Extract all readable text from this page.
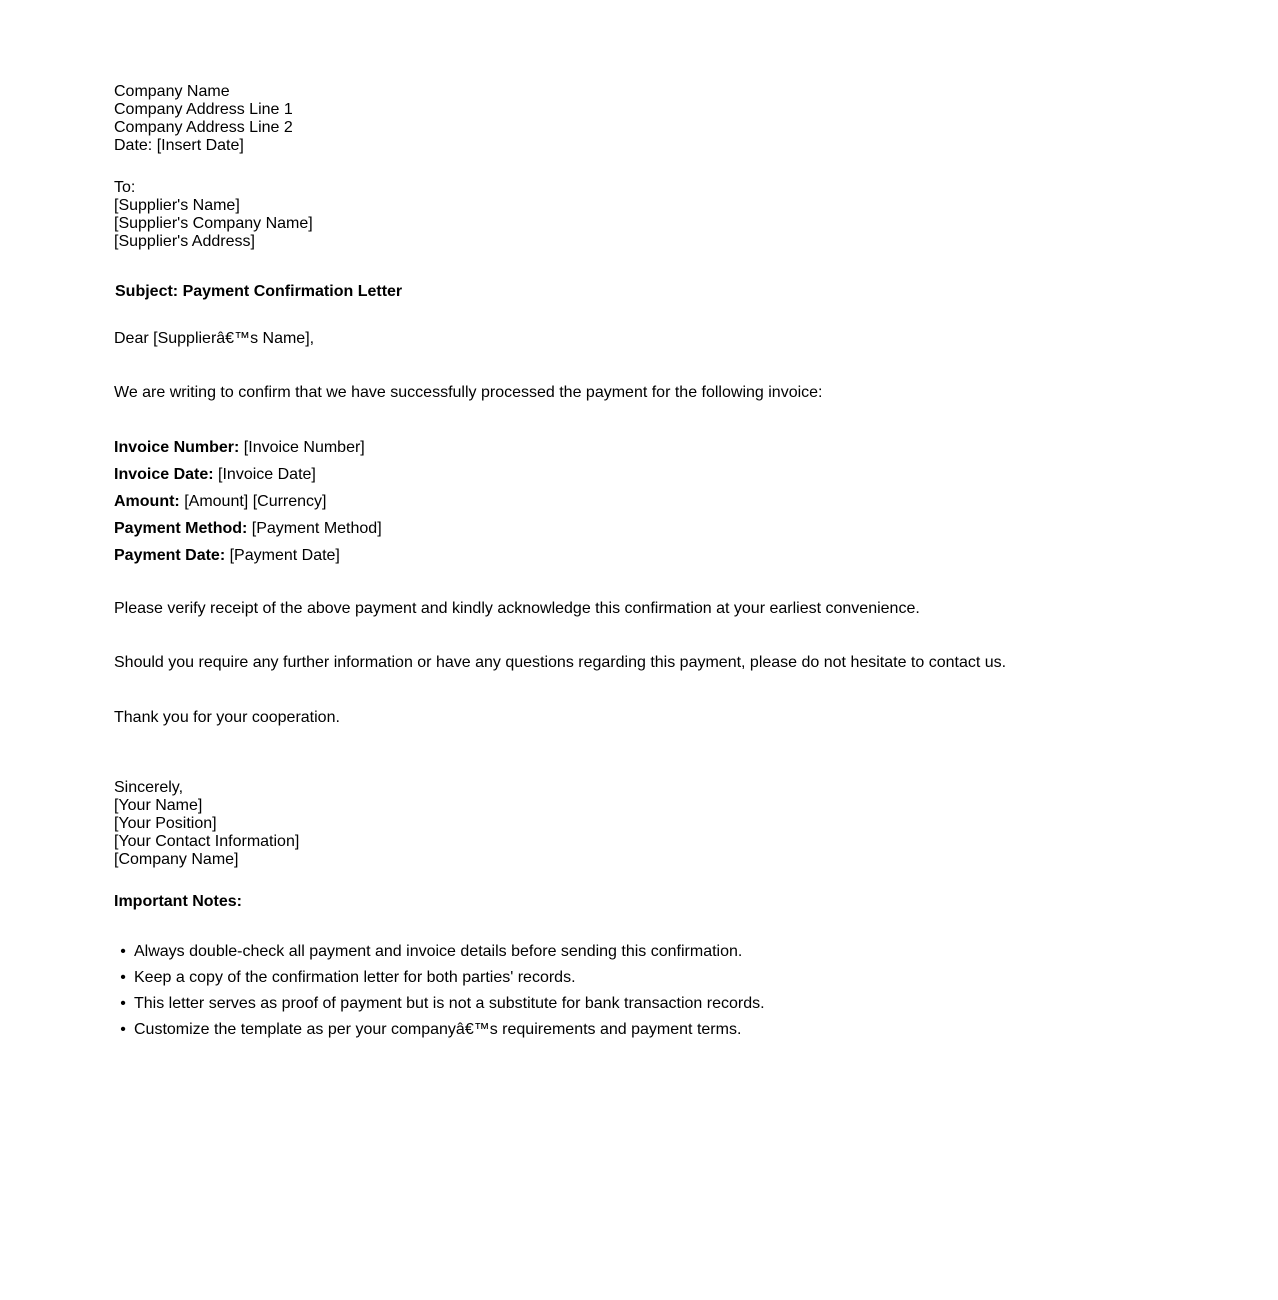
Company Name
Company Address Line 1
Company Address Line 2
Date: [Insert Date]
To:
[Supplier's Name]
[Supplier's Company Name]
[Supplier's Address]
Subject: Payment Confirmation Letter
Dear [Supplierâ€™s Name],
We are writing to confirm that we have successfully processed the payment for the following invoice:
Invoice Number: [Invoice Number]
Invoice Date: [Invoice Date]
Amount: [Amount] [Currency]
Payment Method: [Payment Method]
Payment Date: [Payment Date]
Please verify receipt of the above payment and kindly acknowledge this confirmation at your earliest convenience.
Should you require any further information or have any questions regarding this payment, please do not hesitate to contact us.
Thank you for your cooperation.
Sincerely,
[Your Name]
[Your Position]
[Your Contact Information]
[Company Name]
Important Notes:
• Always double-check all payment and invoice details before sending this confirmation.
• Keep a copy of the confirmation letter for both parties' records.
• This letter serves as proof of payment but is not a substitute for bank transaction records.
• Customize the template as per your companyâ€™s requirements and payment terms.
